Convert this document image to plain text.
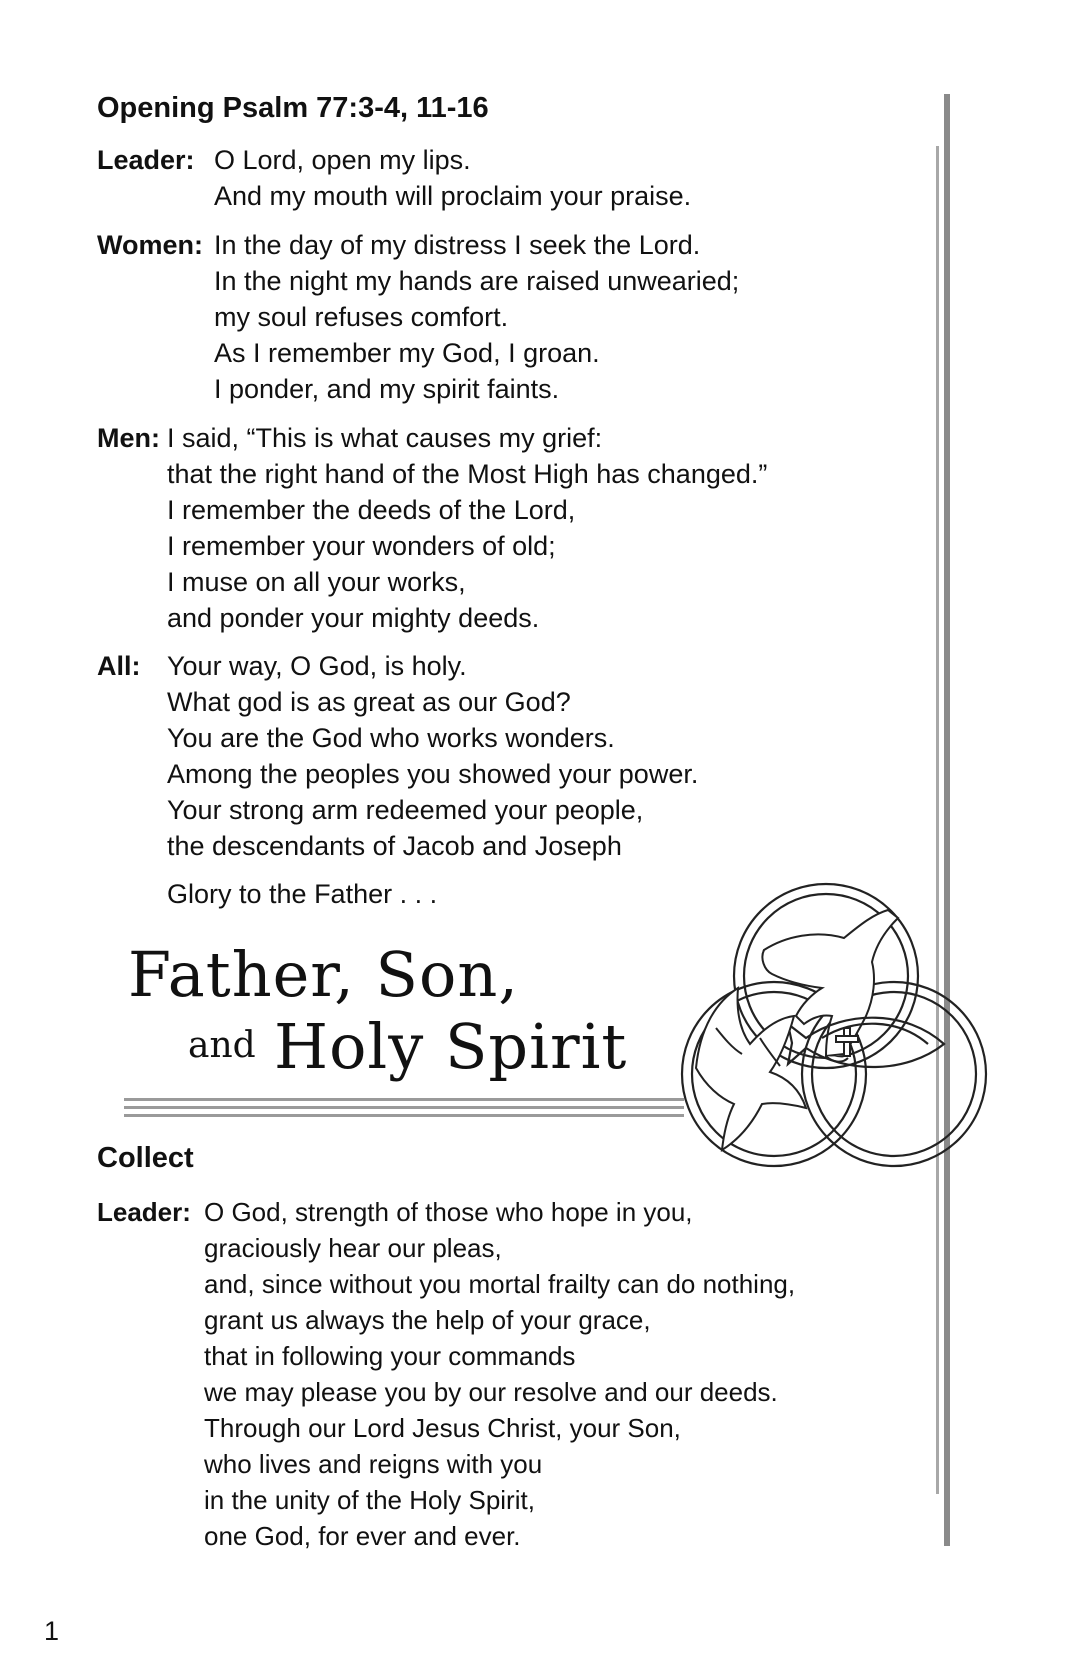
Opening Psalm 77:3-4, 11-16
Leader: O Lord, open my lips.
And my mouth will proclaim your praise.
Women: In the day of my distress I seek the Lord.
In the night my hands are raised unwearied;
my soul refuses comfort.
As I remember my God, I groan.
I ponder, and my spirit faints.
Men: I said, “This is what causes my grief:
that the right hand of the Most High has changed.”
I remember the deeds of the Lord,
I remember your wonders of old;
I muse on all your works,
and ponder your mighty deeds.
All: Your way, O God, is holy.
What god is as great as our God?
You are the God who works wonders.
Among the peoples you showed your power.
Your strong arm redeemed your people,
the descendants of Jacob and Joseph
Glory to the Father . . .
Father, Son,
and Holy Spirit
Collect
Leader: O God, strength of those who hope in you,
graciously hear our pleas,
and, since without you mortal frailty can do nothing,
grant us always the help of your grace,
that in following your commands
we may please you by our resolve and our deeds.
Through our Lord Jesus Christ, your Son,
who lives and reigns with you
in the unity of the Holy Spirit,
one God, for ever and ever.
1
